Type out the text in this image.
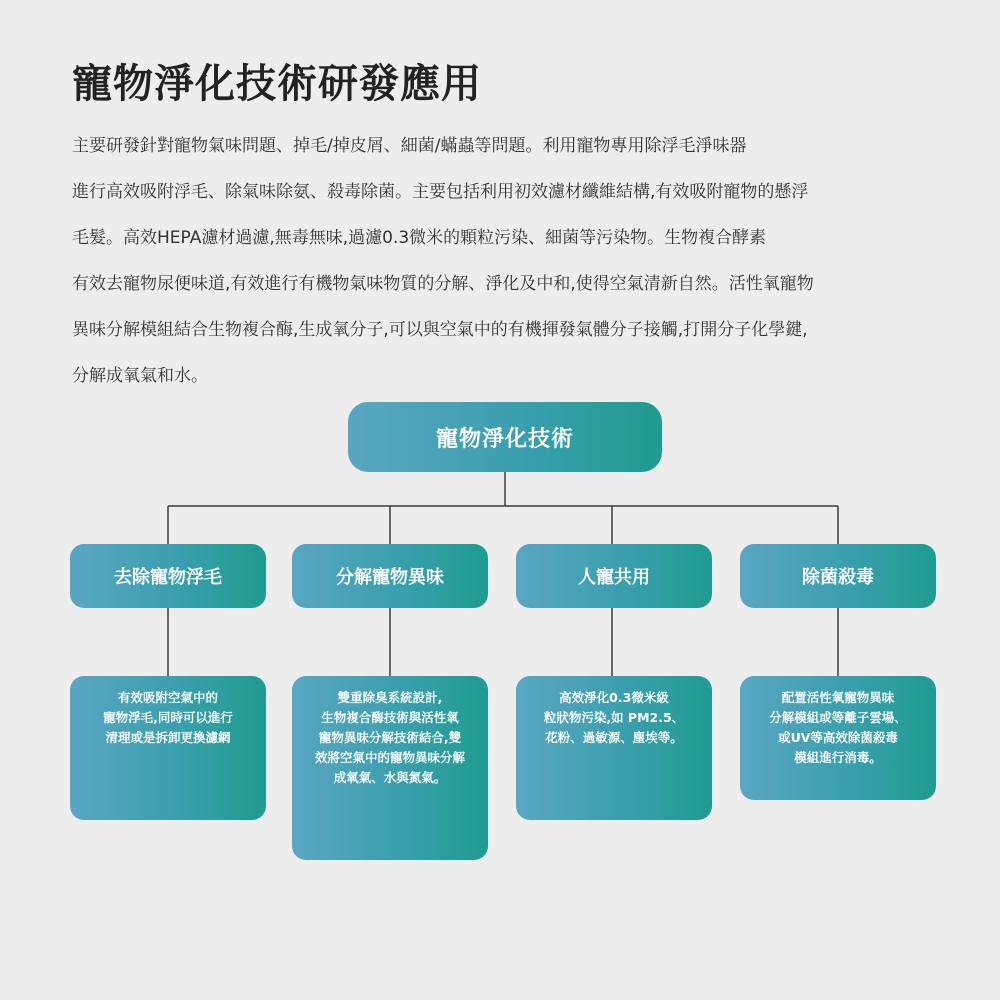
寵物淨化技術研發應用
主要研發針對寵物氣味問題、掉毛/掉皮屑、細菌/蟎蟲等問題。利用寵物專用除浮毛淨味器
進行高效吸附浮毛、除氣味除氨、殺毒除菌。主要包括利用初效濾材纖維結構,有效吸附寵物的懸浮
毛髮。高效HEPA濾材過濾,無毒無味,過濾0.3微米的顆粒污染、細菌等污染物。生物複合酵素
有效去寵物尿便味道,有效進行有機物氣味物質的分解、淨化及中和,使得空氣清新自然。活性氧寵物
異味分解模組結合生物複合酶,生成氧分子,可以與空氣中的有機揮發氣體分子接觸,打開分子化學鍵,
分解成氧氣和水。
寵物淨化技術
去除寵物浮毛	分解寵物異味	人寵共用	除菌殺毒
有效吸附空氣中的
寵物浮毛,同時可以進行
清理或是拆卸更換濾網
雙重除臭系統設計,
生物複合酶技術與活性氧
寵物異味分解技術結合,雙
效將空氣中的寵物異味分解
成氧氣、水與氮氣。
高效淨化0.3微米級
粒狀物污染,如 PM2.5、
花粉、過敏源、塵埃等。
配置活性氧寵物異味
分解模組或等離子雲場、
或UV等高效除菌殺毒
模組進行消毒。
